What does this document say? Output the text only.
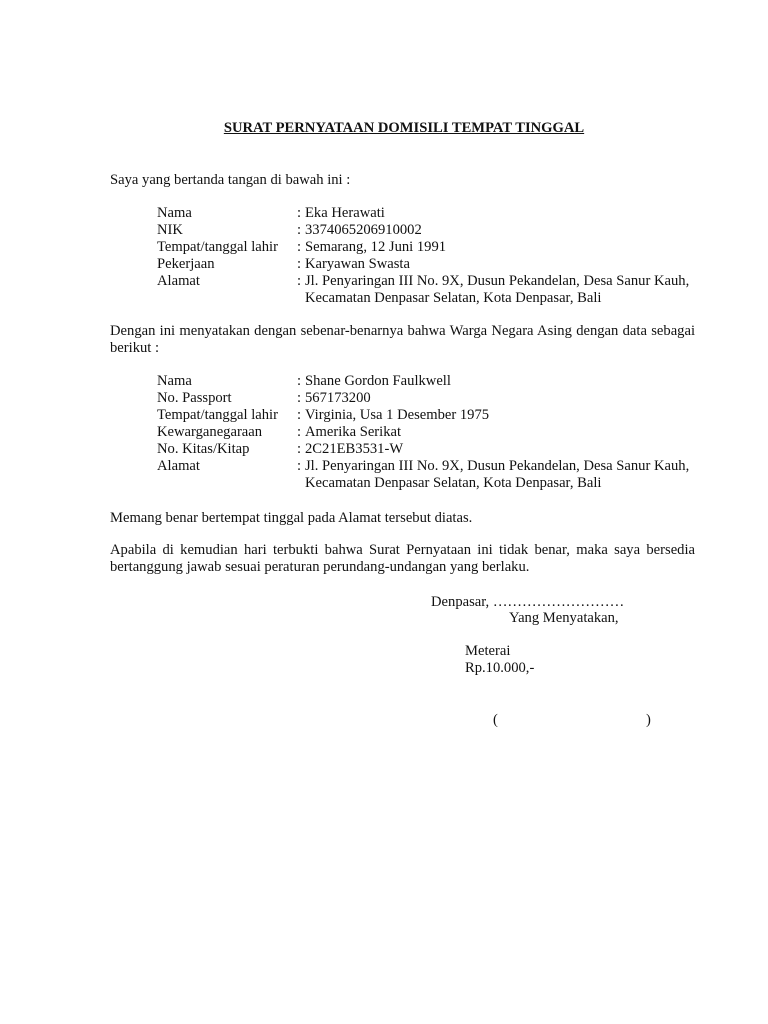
SURAT PERNYATAAN DOMISILI TEMPAT TINGGAL
Saya yang bertanda tangan di bawah ini :
Nama	: Eka Herawati
NIK	: 3374065206910002
Tempat/tanggal lahir : Semarang, 12 Juni 1991
Pekerjaan	: Karyawan Swasta
Alamat	: Jl. Penyaringan III No. 9X, Dusun Pekandelan, Desa Sanur Kauh, Kecamatan Denpasar Selatan, Kota Denpasar, Bali
Dengan ini menyatakan dengan sebenar-benarnya bahwa Warga Negara Asing dengan data sebagai berikut :
Nama	: Shane Gordon Faulkwell
No. Passport	: 567173200
Tempat/tanggal lahir : Virginia, Usa 1 Desember 1975
Kewarganegaraan : Amerika Serikat
No. Kitas/Kitap	: 2C21EB3531-W
Alamat	: Jl. Penyaringan III No. 9X, Dusun Pekandelan, Desa Sanur Kauh, Kecamatan Denpasar Selatan, Kota Denpasar, Bali
Memang benar bertempat tinggal pada Alamat tersebut diatas.
Apabila di kemudian hari terbukti bahwa Surat Pernyataan ini tidak benar, maka saya bersedia bertanggung jawab sesuai peraturan perundang-undangan yang berlaku.
Denpasar, ………………………
Yang Menyatakan,
Meterai
Rp.10.000,-
(	)
